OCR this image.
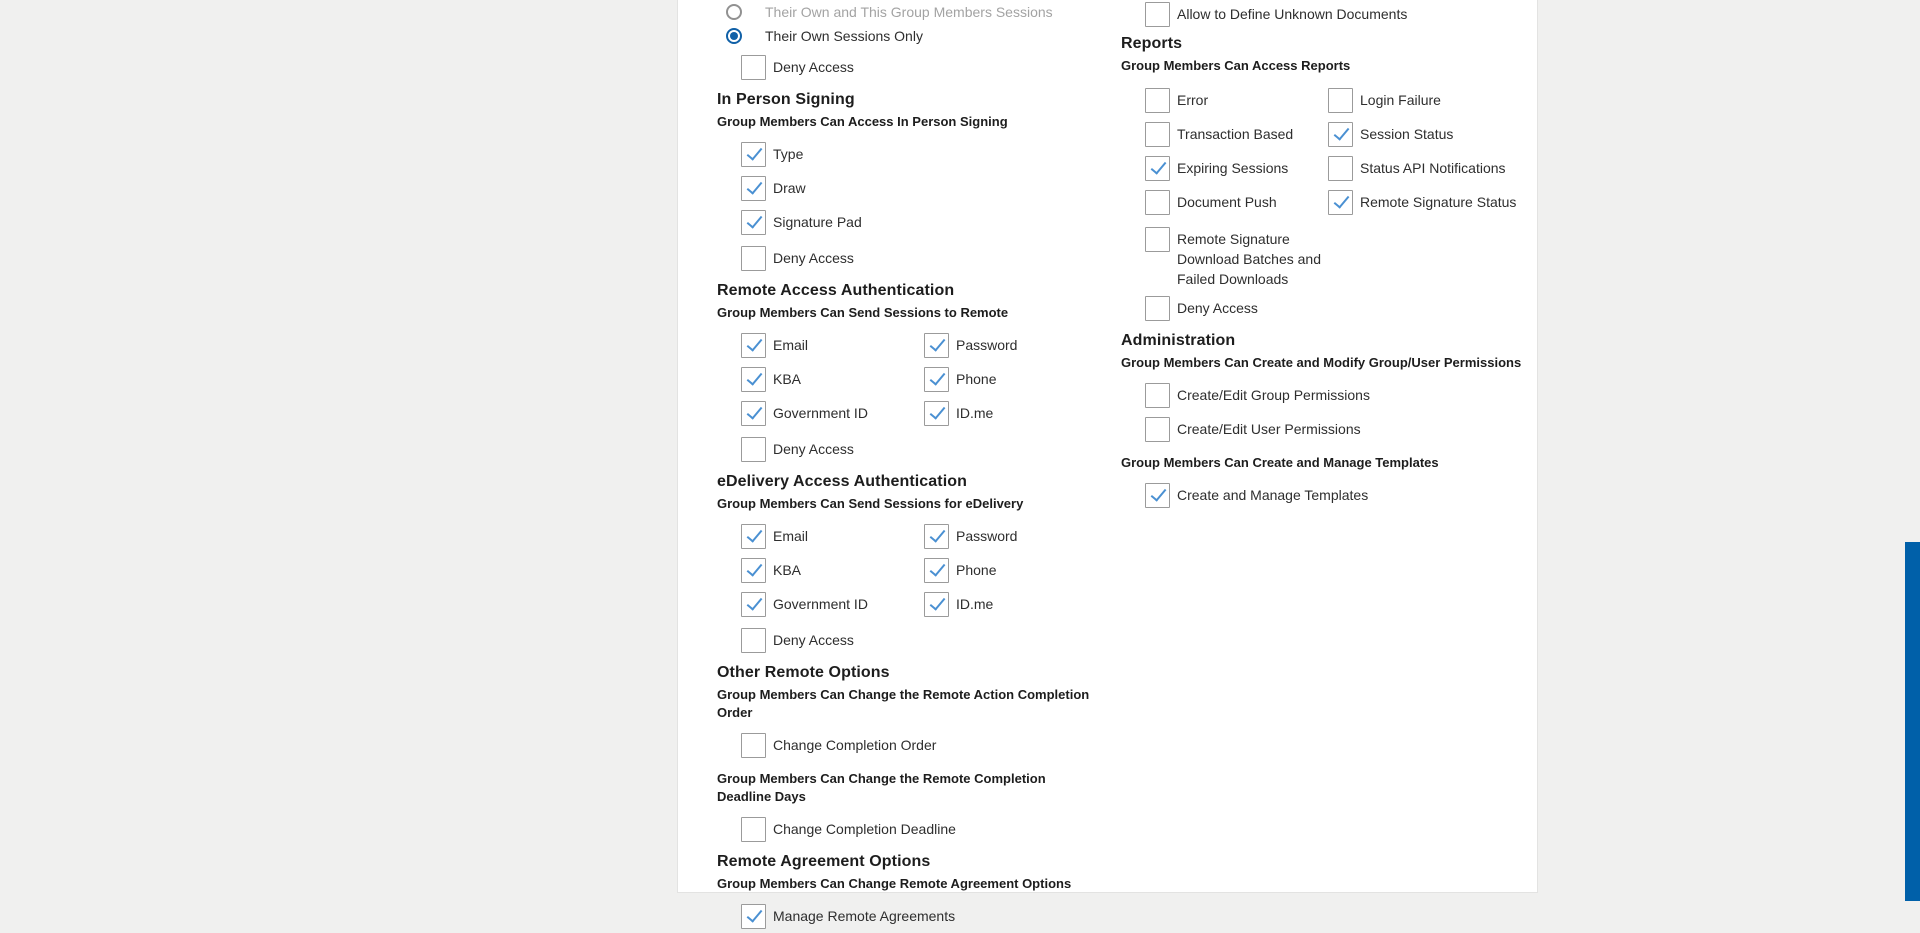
Their Own and This Group Members Sessions
Their Own Sessions Only
Deny Access
In Person Signing
Group Members Can Access In Person Signing
Type
Draw
Signature Pad
Deny Access
Remote Access Authentication
Group Members Can Send Sessions to Remote
Email	Password
KBA	Phone
Government ID	ID.me
Deny Access
eDelivery Access Authentication
Group Members Can Send Sessions for eDelivery
Email	Password
KBA	Phone
Government ID	ID.me
Deny Access
Other Remote Options
Group Members Can Change the Remote Action Completion Order
Change Completion Order
Group Members Can Change the Remote Completion Deadline Days
Change Completion Deadline
Remote Agreement Options
Group Members Can Change Remote Agreement Options
Manage Remote Agreements
Allow to Define Unknown Documents
Reports
Group Members Can Access Reports
Error	Login Failure
Transaction Based	Session Status
Expiring Sessions	Status API Notifications
Document Push	Remote Signature Status
Remote Signature Download Batches and Failed Downloads
Deny Access
Administration
Group Members Can Create and Modify Group/User Permissions
Create/Edit Group Permissions
Create/Edit User Permissions
Group Members Can Create and Manage Templates
Create and Manage Templates
